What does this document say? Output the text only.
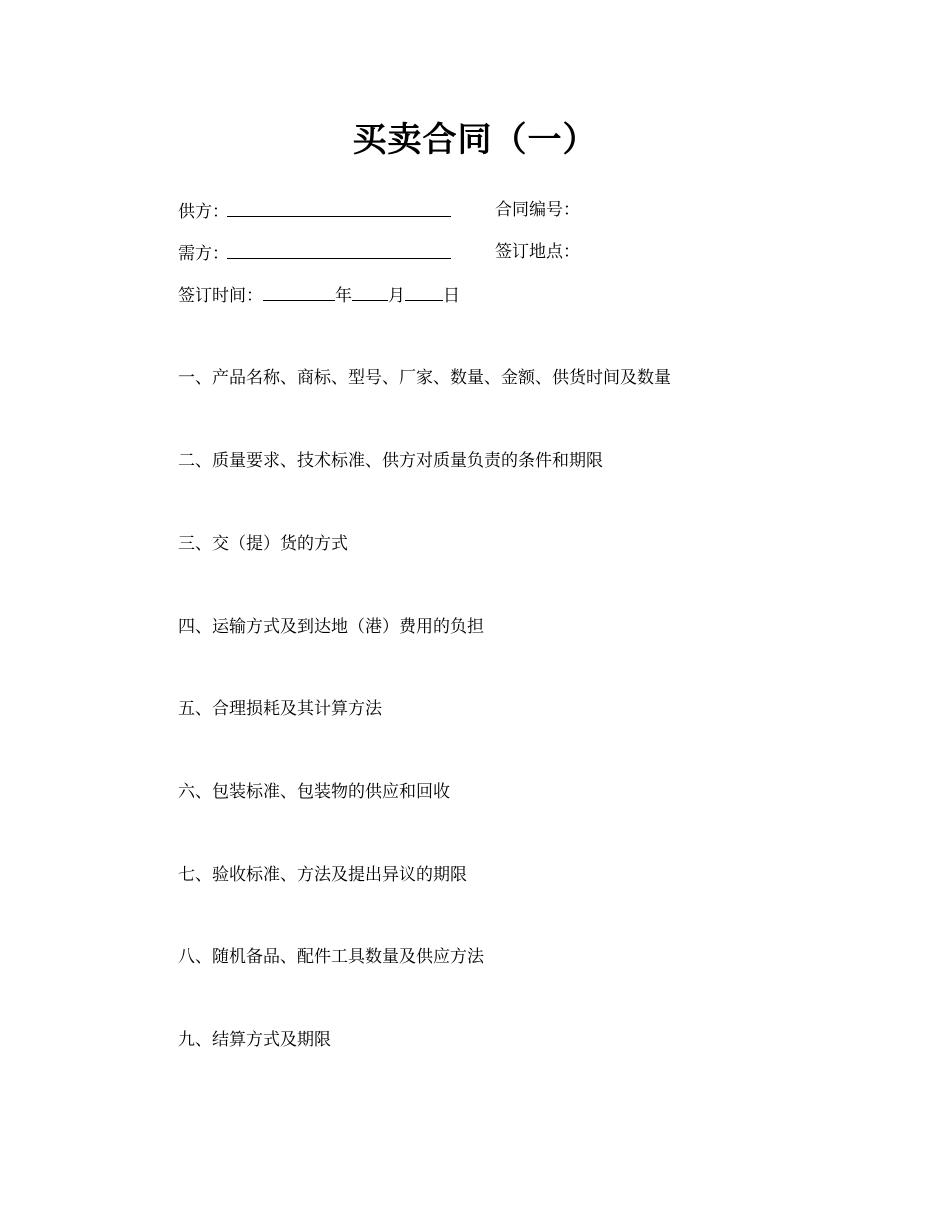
买卖合同（一）
供方：	合同编号：
需方：	签订地点：
签订时间：	年 月 日
一、产品名称、商标、型号、厂家、数量、金额、供货时间及数量
二、质量要求、技术标准、供方对质量负责的条件和期限
三、交（提）货的方式
四、运输方式及到达地（港）费用的负担
五、合理损耗及其计算方法
六、包装标准、包装物的供应和回收
七、验收标准、方法及提出异议的期限
八、随机备品、配件工具数量及供应方法
九、结算方式及期限
